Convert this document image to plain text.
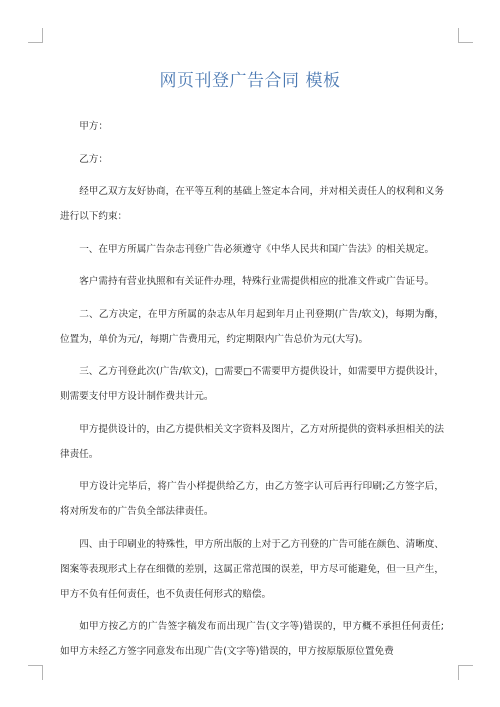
网页刊登广告合同 模板

甲方：

乙方：

经甲乙双方友好协商，在平等互利的基础上签定本合同，并对相关责任人的权利和义务进行以下约束：

一、在甲方所属广告杂志刊登广告必须遵守《中华人民共和国广告法》的相关规定。

客户需持有营业执照和有关证件办理，特殊行业需提供相应的批准文件或广告证号。

二、乙方决定，在甲方所属的杂志从年月起到年月止刊登期(广告/软文)，每期为酶，位置为，单价为元/，每期广告费用元，约定期限内广告总价为元(大写)。

三、乙方刊登此次(广告/软文)，□需要□不需要甲方提供设计，如需要甲方提供设计，则需要支付甲方设计制作费共计元。

甲方提供设计的，由乙方提供相关文字资料及图片，乙方对所提供的资料承担相关的法律责任。

甲方设计完毕后，将广告小样提供给乙方，由乙方签字认可后再行印刷;乙方签字后，将对所发布的广告负全部法律责任。

四、由于印刷业的特殊性，甲方所出版的上对于乙方刊登的广告可能在颜色、清晰度、图案等表现形式上存在细微的差别，这属正常范围的误差，甲方尽可能避免，但一旦产生，甲方不负有任何责任，也不负责任何形式的赔偿。

如甲方按乙方的广告签字稿发布而出现广告(文字等)错误的，甲方概不承担任何责任;如甲方未经乙方签字同意发布出现广告(文字等)错误的，甲方按原版原位置免费
